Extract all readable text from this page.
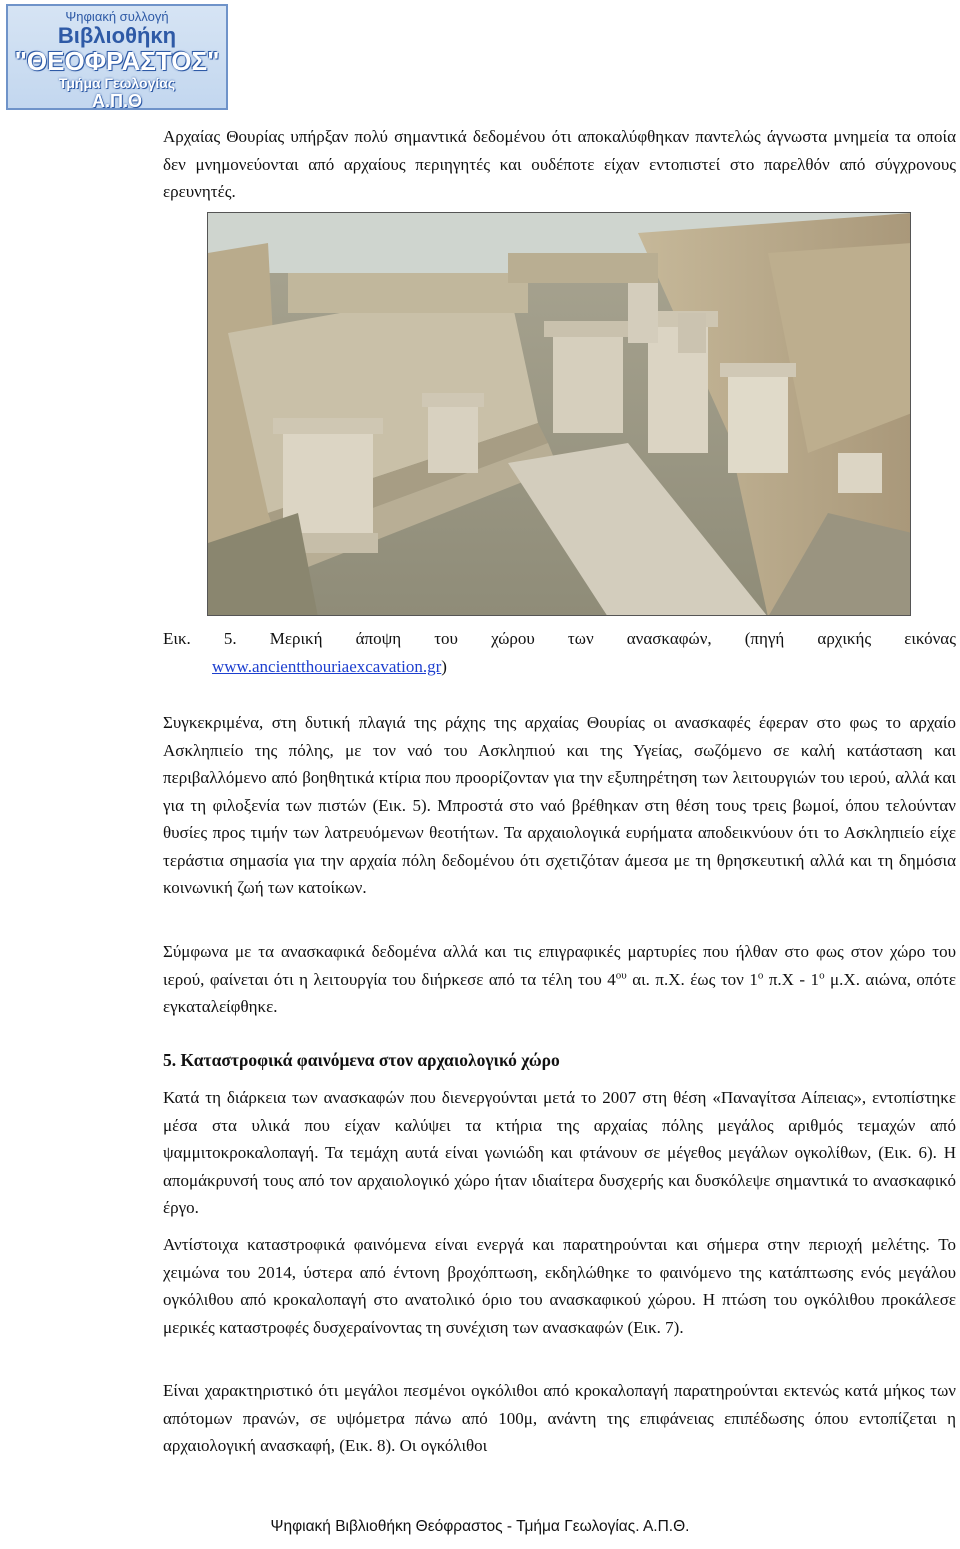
Ψηφιακή συλλογή
Βιβλιοθήκη
"ΘΕΟΦΡΑΣΤΟΣ"
Τμήμα Γεωλογίας
Α.Π.Θ

Αρχαίας Θουρίας υπήρξαν πολύ σημαντικά δεδομένου ότι αποκαλύφθηκαν παντελώς άγνωστα μνημεία τα οποία δεν μνημονεύονται από αρχαίους περιηγητές και ουδέποτε είχαν εντοπιστεί στο παρελθόν από σύγχρονους ερευνητές.

Εικ. 5. Μερική άποψη του χώρου των ανασκαφών, (πηγή αρχικής εικόνας
www.ancientthouriaexcavation.gr)

Συγκεκριμένα, στη δυτική πλαγιά της ράχης της αρχαίας Θουρίας οι ανασκαφές έφεραν στο φως το αρχαίο Ασκληπιείο της πόλης, με τον ναό του Ασκληπιού και της Υγείας, σωζόμενο σε καλή κατάσταση και περιβαλλόμενο από βοηθητικά κτίρια που προορίζονταν για την εξυπηρέτηση των λειτουργιών του ιερού, αλλά και για τη φιλοξενία των πιστών (Εικ. 5). Μπροστά στο ναό βρέθηκαν στη θέση τους τρεις βωμοί, όπου τελούνταν θυσίες προς τιμήν των λατρευόμενων θεοτήτων. Τα αρχαιολογικά ευρήματα αποδεικνύουν ότι το Ασκληπιείο είχε τεράστια σημασία για την αρχαία πόλη δεδομένου ότι σχετιζόταν άμεσα με τη θρησκευτική αλλά και τη δημόσια κοινωνική ζωή των κατοίκων.

Σύμφωνα με τα ανασκαφικά δεδομένα αλλά και τις επιγραφικές μαρτυρίες που ήλθαν στο φως στον χώρο του ιερού, φαίνεται ότι η λειτουργία του διήρκεσε από τα τέλη του $4^{o\upsilon}$ αι. π.Χ. έως τον $1^o$ $\pi.X - 1^o$ μ.Χ. αιώνα, οπότε εγκαταλείφθηκε.

5. Καταστροφικά φαινόμενα στον αρχαιολογικό χώρο

Κατά τη διάρκεια των ανασκαφών που διενεργούνται μετά το 2007 στη θέση «Παναγίτσα Αίπειας», εντοπίστηκε μέσα στα υλικά που είχαν καλύψει τα κτήρια της αρχαίας πόλης μεγάλος αριθμός τεμαχών από ψαμμιτοκροκαλοπαγή. Τα τεμάχη αυτά είναι γωνιώδη και φτάνουν σε μέγεθος μεγάλων ογκολίθων, (Εικ. 6). Η απομάκρυνσή τους από τον αρχαιολογικό χώρο ήταν ιδιαίτερα δυσχερής και δυσκόλεψε σημαντικά το ανασκαφικό έργο.

Αντίστοιχα καταστροφικά φαινόμενα είναι ενεργά και παρατηρούνται και σήμερα στην περιοχή μελέτης. Το χειμώνα του 2014, ύστερα από έντονη βροχόπτωση, εκδηλώθηκε το φαινόμενο της κατάπτωσης ενός μεγάλου ογκόλιθου από κροκαλοπαγή στο ανατολικό όριο του ανασκαφικού χώρου. Η πτώση του ογκόλιθου προκάλεσε μερικές καταστροφές δυσχεραίνοντας τη συνέχιση των ανασκαφών (Εικ. 7).

Είναι χαρακτηριστικό ότι μεγάλοι πεσμένοι ογκόλιθοι από κροκαλοπαγή παρατηρούνται εκτενώς κατά μήκος των απότομων πρανών, σε υψόμετρα πάνω από 100μ, ανάντη της επιφάνειας επιπέδωσης όπου εντοπίζεται η αρχαιολογική ανασκαφή, (Εικ. 8). Οι ογκόλιθοι

Ψηφιακή Βιβλιοθήκη Θεόφραστος - Τμήμα Γεωλογίας. Α.Π.Θ.
